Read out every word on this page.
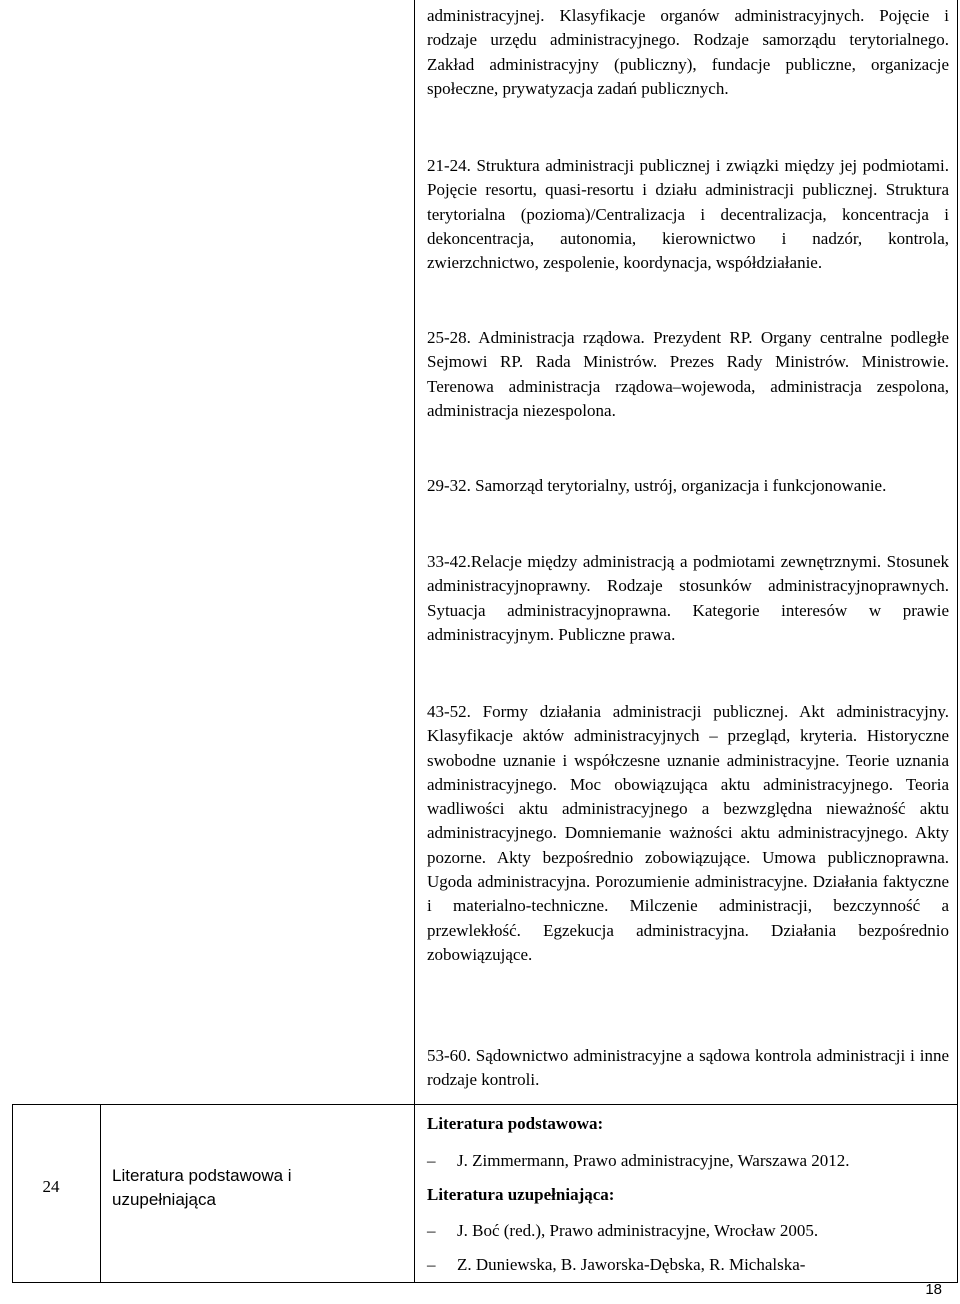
administracyjnej. Klasyfikacje organów administracyjnych. Pojęcie i rodzaje urzędu administracyjnego. Rodzaje samorządu terytorialnego. Zakład administracyjny (publiczny), fundacje publiczne, organizacje społeczne, prywatyzacja zadań publicznych.

21-24. Struktura administracji publicznej i związki między jej podmiotami. Pojęcie resortu, quasi-resortu i działu administracji publicznej. Struktura terytorialna (pozioma)/Centralizacja i decentralizacja, koncentracja i dekoncentracja, autonomia, kierownictwo i nadzór, kontrola, zwierzchnictwo, zespolenie, koordynacja, współdziałanie.

25-28. Administracja rządowa. Prezydent RP. Organy centralne podległe Sejmowi RP. Rada Ministrów. Prezes Rady Ministrów. Ministrowie. Terenowa administracja rządowa–wojewoda, administracja zespolona, administracja niezespolona.

29-32. Samorząd terytorialny, ustrój, organizacja i funkcjonowanie.

33-42.Relacje między administracją a podmiotami zewnętrznymi. Stosunek administracyjnoprawny. Rodzaje stosunków administracyjnoprawnych. Sytuacja administracyjnoprawna. Kategorie interesów w prawie administracyjnym. Publiczne prawa.

43-52. Formy działania administracji publicznej. Akt administracyjny. Klasyfikacje aktów administracyjnych – przegląd, kryteria. Historyczne swobodne uznanie i współczesne uznanie administracyjne. Teorie uznania administracyjnego. Moc obowiązująca aktu administracyjnego. Teoria wadliwości aktu administracyjnego a bezwzględna nieważność aktu administracyjnego. Domniemanie ważności aktu administracyjnego. Akty pozorne. Akty bezpośrednio zobowiązujące. Umowa publicznoprawna. Ugoda administracyjna. Porozumienie administracyjne. Działania faktyczne i materialno-techniczne. Milczenie administracji, bezczynność a przewlekłość. Egzekucja administracyjna. Działania bezpośrednio zobowiązujące.

53-60. Sądownictwo administracyjne a sądowa kontrola administracji i inne rodzaje kontroli.

24
Literatura podstawowa i uzupełniająca
Literatura podstawowa:
– J. Zimmermann, Prawo administracyjne, Warszawa 2012.
Literatura uzupełniająca:
– J. Boć (red.), Prawo administracyjne, Wrocław 2005.
– Z. Duniewska, B. Jaworska-Dębska, R. Michalska-
18
